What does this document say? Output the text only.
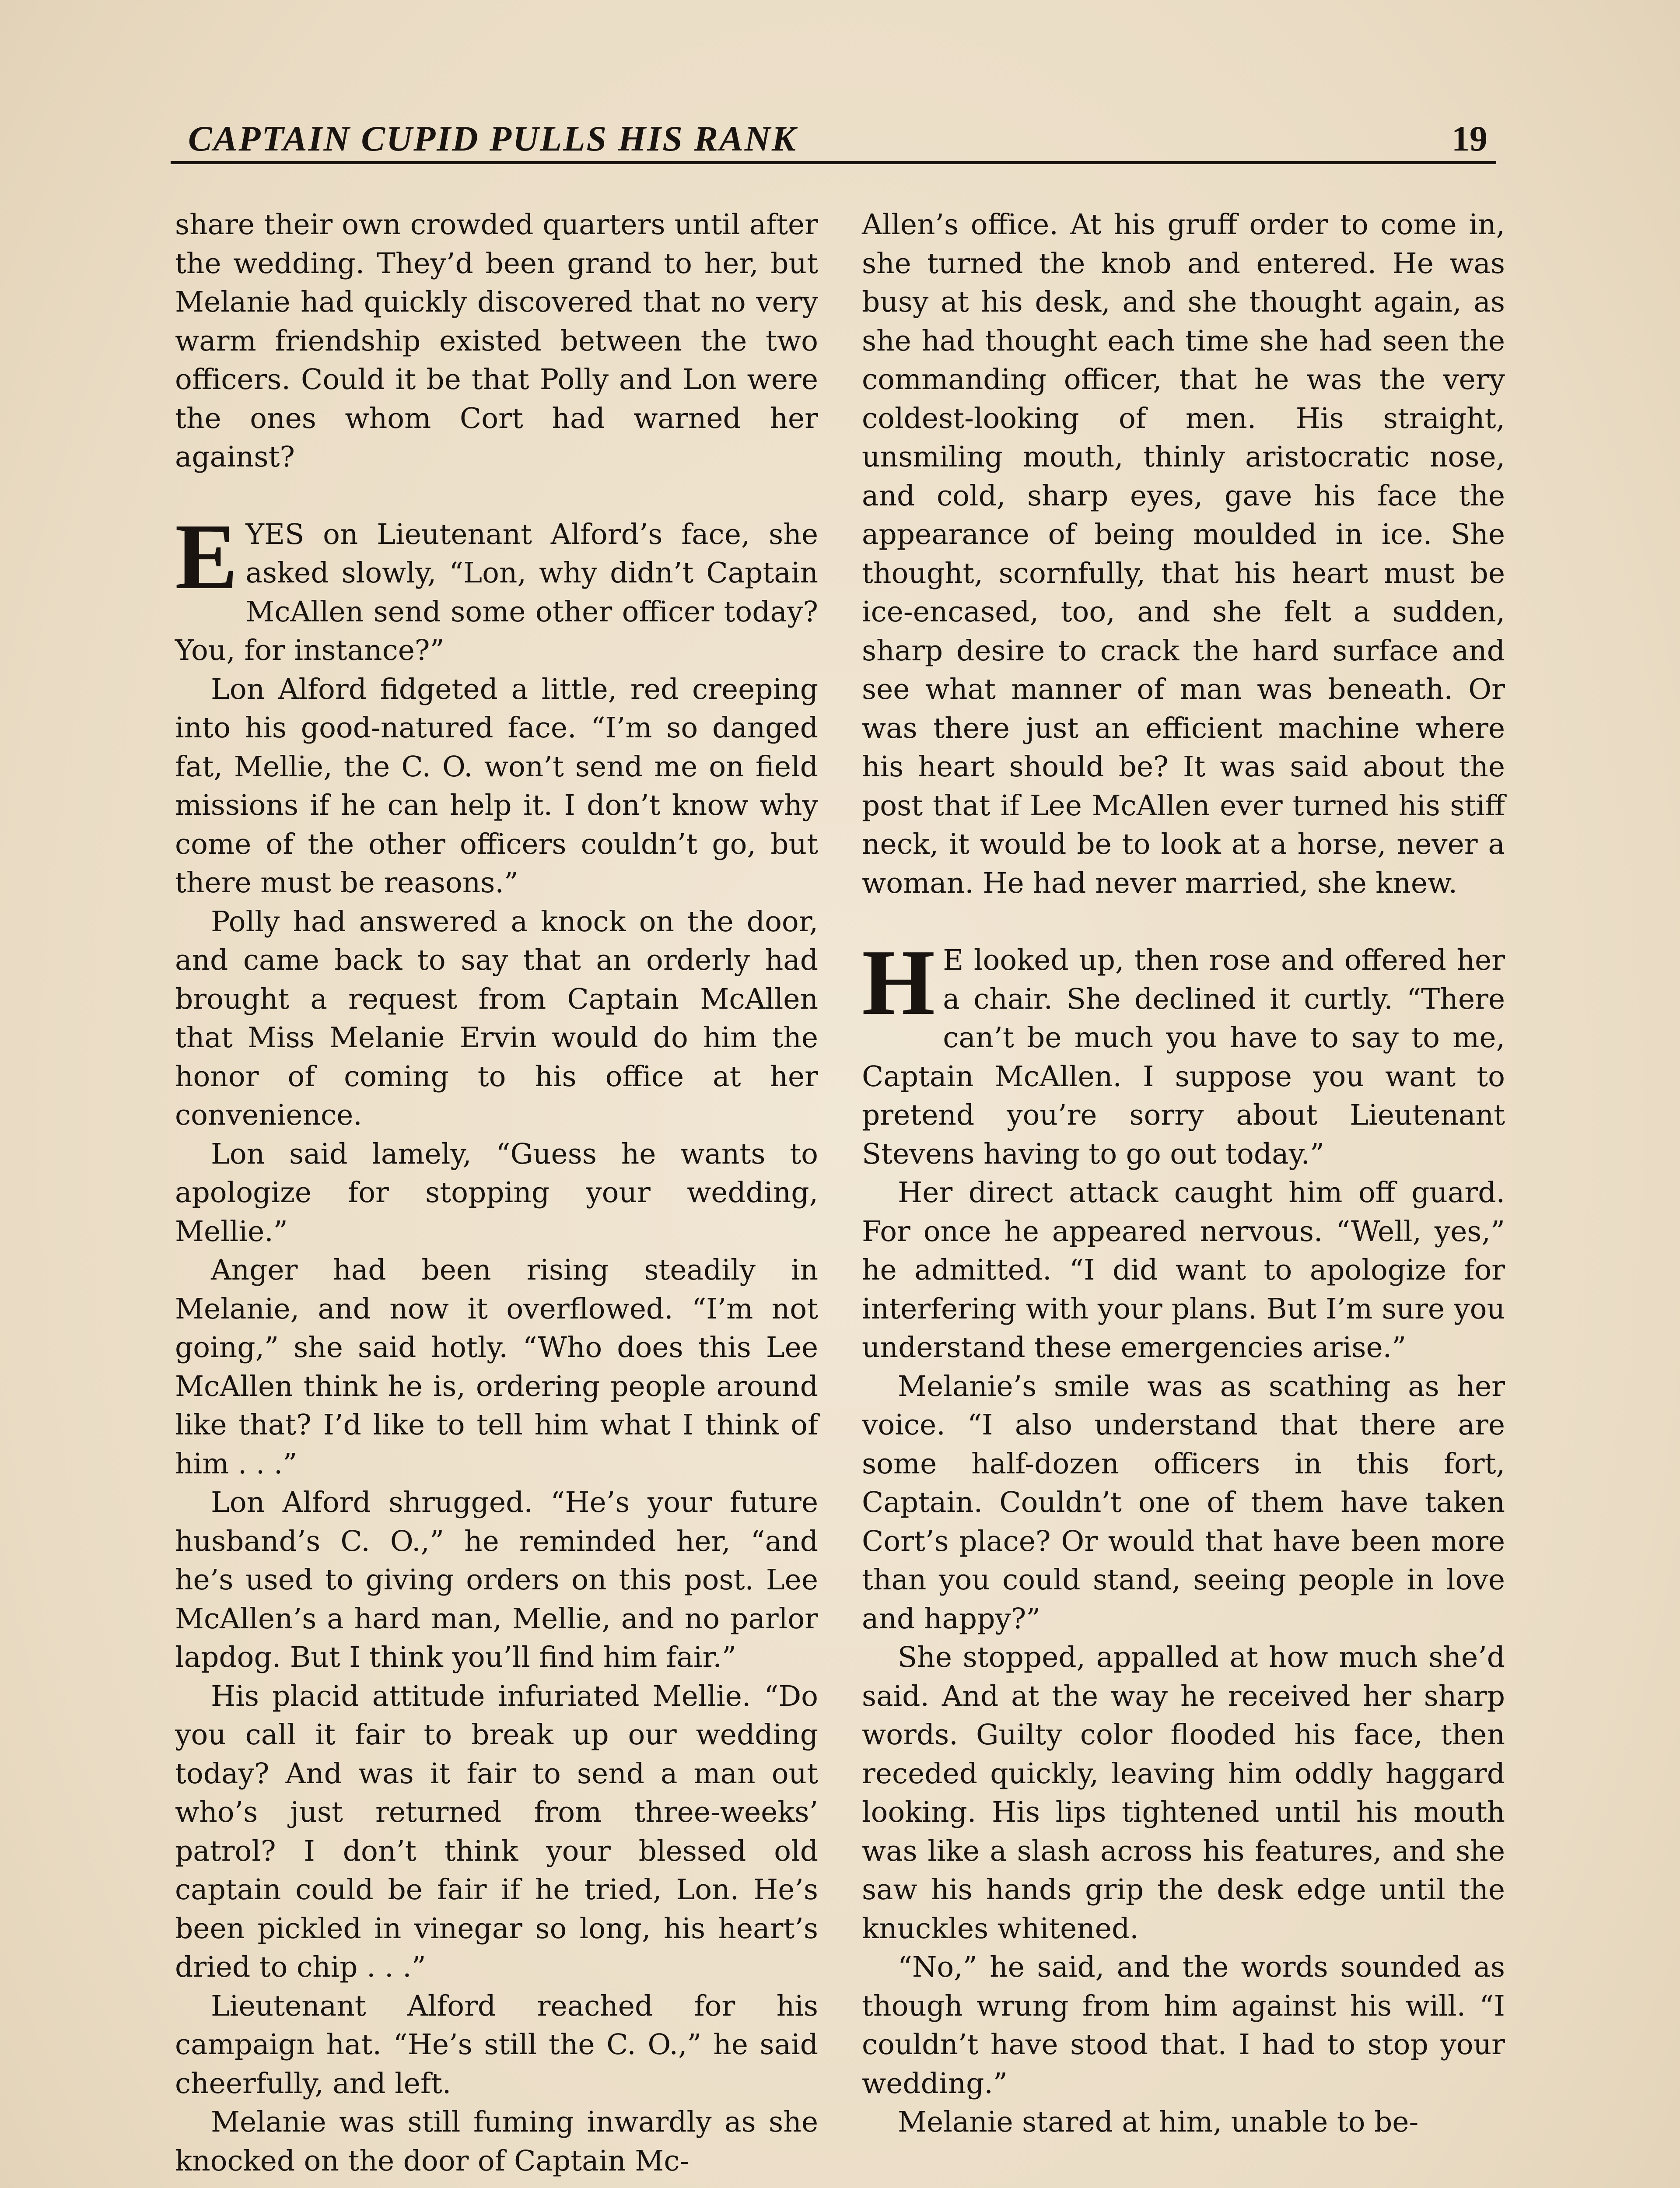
CAPTAIN CUPID PULLS HIS RANK	19

share their own crowded quarters until after the wedding. They’d been grand to her, but Melanie had quickly discovered that no very warm friendship existed between the two officers. Could it be that Polly and Lon were the ones whom Cort had warned her against?

EYES on Lieutenant Alford’s face, she asked slowly, “Lon, why didn’t Captain McAllen send some other officer today? You, for instance?”

Lon Alford fidgeted a little, red creeping into his good-natured face. “I’m so danged fat, Mellie, the C. O. won’t send me on field missions if he can help it. I don’t know why come of the other officers couldn’t go, but there must be reasons.”

Polly had answered a knock on the door, and came back to say that an orderly had brought a request from Captain McAllen that Miss Melanie Ervin would do him the honor of coming to his office at her convenience.

Lon said lamely, “Guess he wants to apologize for stopping your wedding, Mellie.”

Anger had been rising steadily in Melanie, and now it overflowed. “I’m not going,” she said hotly. “Who does this Lee McAllen think he is, ordering people around like that? I’d like to tell him what I think of him . . .”

Lon Alford shrugged. “He’s your future husband’s C. O.,” he reminded her, “and he’s used to giving orders on this post. Lee McAllen’s a hard man, Mellie, and no parlor lapdog. But I think you’ll find him fair.”

His placid attitude infuriated Mellie. “Do you call it fair to break up our wedding today? And was it fair to send a man out who’s just returned from three-weeks’ patrol? I don’t think your blessed old captain could be fair if he tried, Lon. He’s been pickled in vinegar so long, his heart’s dried to chip . . .”

Lieutenant Alford reached for his campaign hat. “He’s still the C. O.,” he said cheerfully, and left.

Melanie was still fuming inwardly as she knocked on the door of Captain Mc-

Allen’s office. At his gruff order to come in, she turned the knob and entered. He was busy at his desk, and she thought again, as she had thought each time she had seen the commanding officer, that he was the very coldest-looking of men. His straight, unsmiling mouth, thinly aristocratic nose, and cold, sharp eyes, gave his face the appearance of being moulded in ice. She thought, scornfully, that his heart must be ice-encased, too, and she felt a sudden, sharp desire to crack the hard surface and see what manner of man was beneath. Or was there just an efficient machine where his heart should be? It was said about the post that if Lee McAllen ever turned his stiff neck, it would be to look at a horse, never a woman. He had never married, she knew.

H E looked up, then rose and offered her a chair. She declined it curtly. “There can’t be much you have to say to me, Captain McAllen. I suppose you want to pretend you’re sorry about Lieutenant Stevens having to go out today.”

Her direct attack caught him off guard. For once he appeared nervous. “Well, yes,” he admitted. “I did want to apologize for interfering with your plans. But I’m sure you understand these emergencies arise.”

Melanie’s smile was as scathing as her voice. “I also understand that there are some half-dozen officers in this fort, Captain. Couldn’t one of them have taken Cort’s place? Or would that have been more than you could stand, seeing people in love and happy?”

She stopped, appalled at how much she’d said. And at the way he received her sharp words. Guilty color flooded his face, then receded quickly, leaving him oddly haggard looking. His lips tightened until his mouth was like a slash across his features, and she saw his hands grip the desk edge until the knuckles whitened.

“No,” he said, and the words sounded as though wrung from him against his will. “I couldn’t have stood that. I had to stop your wedding.”

Melanie stared at him, unable to be-
